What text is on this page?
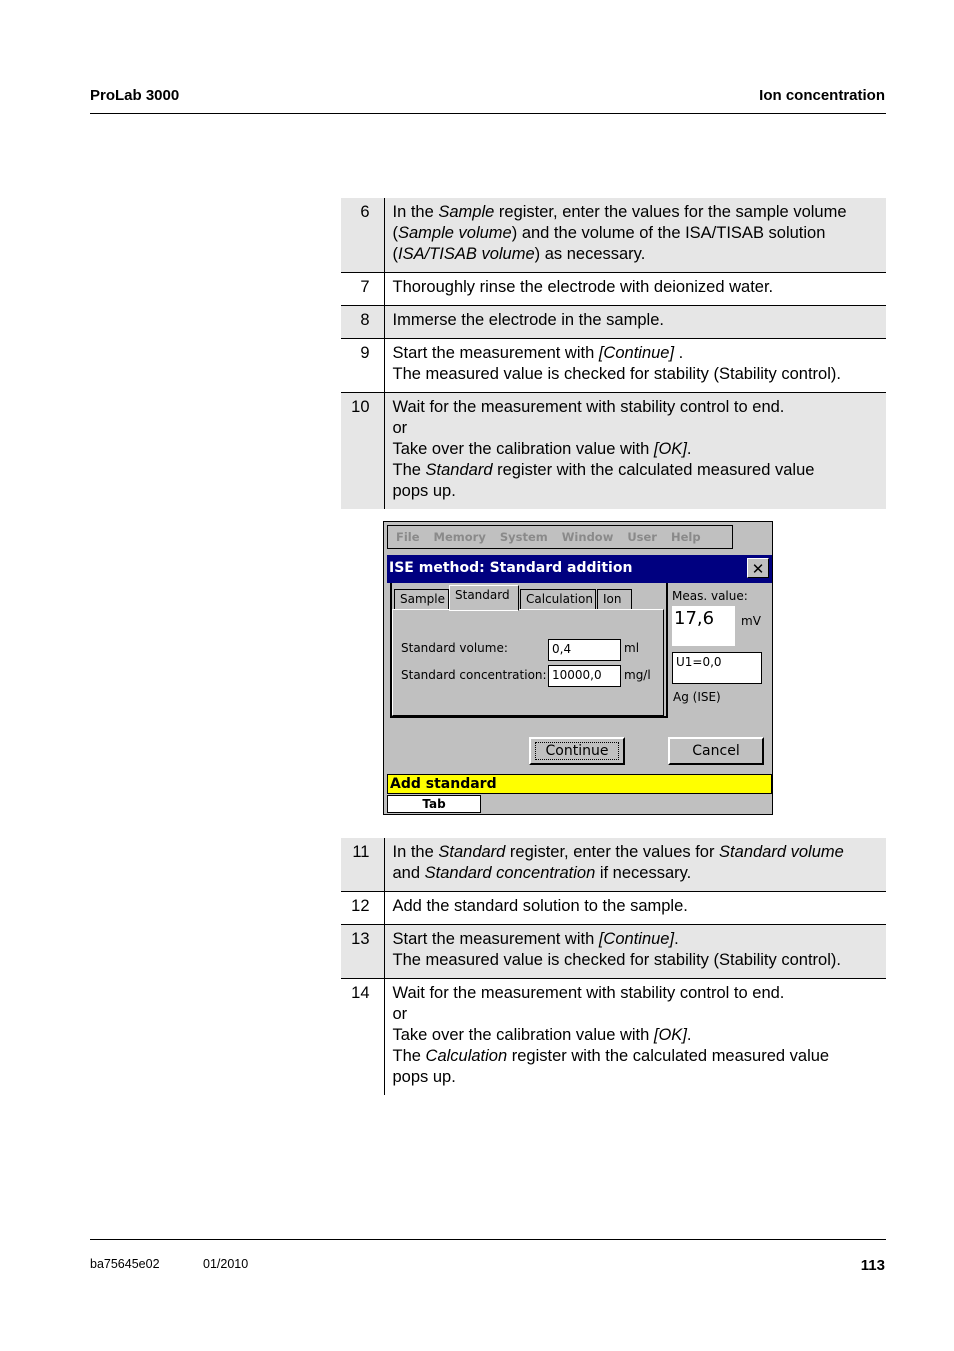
ProLab 3000	Ion concentration
6	In the Sample register, enter the values for the sample volume
(Sample volume) and the volume of the ISA/TISAB solution
(ISA/TISAB volume) as necessary.

7	Thoroughly rinse the electrode with deionized water.

8	Immerse the electrode in the sample.

9	Start the measurement with [Continue] .
The measured value is checked for stability (Stability control).

10	Wait for the measurement with stability control to end.
or
Take over the calibration value with [OK].
The Standard register with the calculated measured value
pops up.
File Memory System Window User Help
ISE method: Standard addition	✕
Sample	Calculation Ion
Standard
Standard volume:	0,4	ml
Standard concentration: 10000,0	mg/l
Meas. value:
17,6	mV
U1=0,0
Ag (ISE)
Continue	Cancel
Add standard
Tab
11	In the Standard register, enter the values for Standard volume
and Standard concentration if necessary.

12	Add the standard solution to the sample.

13	Start the measurement with [Continue].
The measured value is checked for stability (Stability control).

14	Wait for the measurement with stability control to end.
or
Take over the calibration value with [OK].
The Calculation register with the calculated measured value
pops up.
ba75645e02	01/2010	113
